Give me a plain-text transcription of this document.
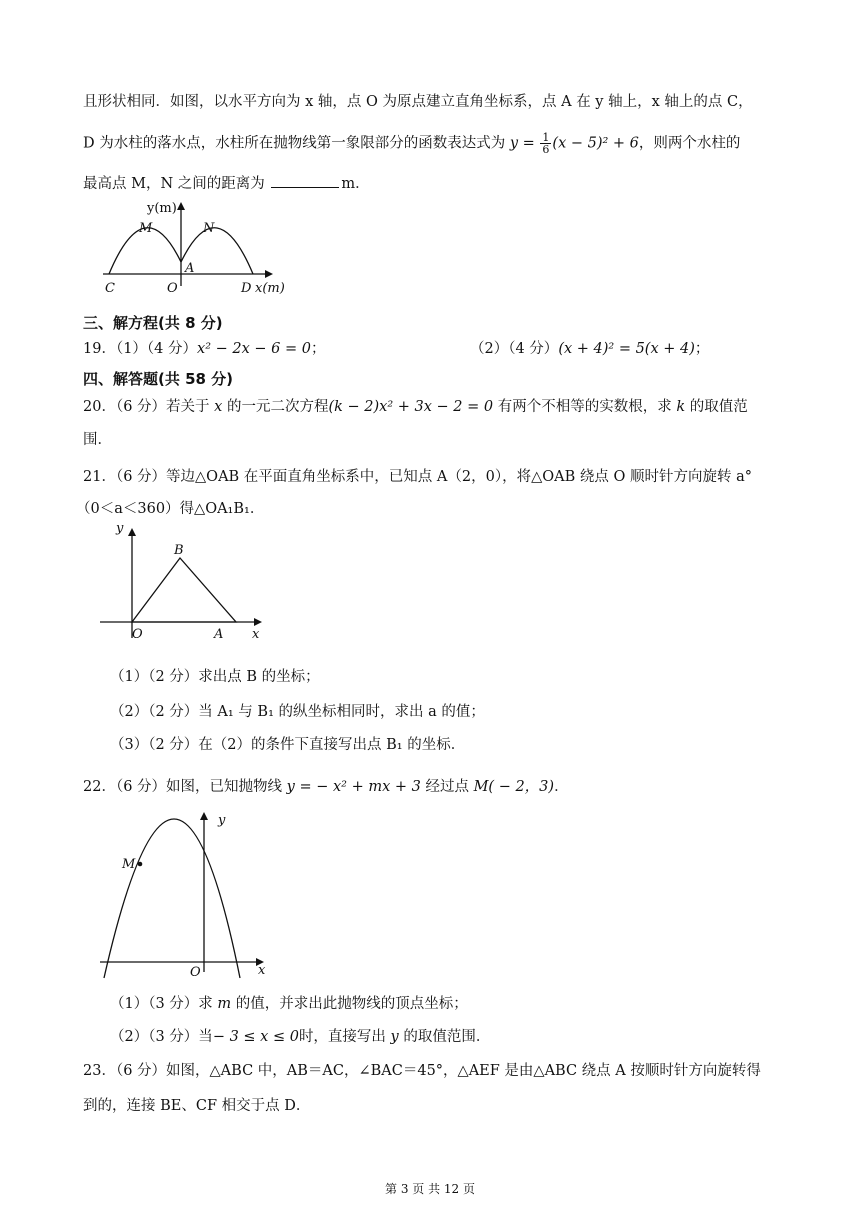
且形状相同．如图，以水平方向为 x 轴，点 O 为原点建立直角坐标系，点 A 在 y 轴上，x 轴上的点 C，
D 为水柱的落水点，水柱所在抛物线第一象限部分的函数表达式为 $y = \frac{1}{6} (x - 5)^2 + 6$，则两个水柱的
最高点 M，N 之间的距离为	m．
y(m)
M	N
A
C	O	D x(m)
三、解方程(共 8 分)
19．（1）（4 分）x² − 2x − 6 = 0；	（2）（4 分）(x + 4)² = 5(x + 4)；
四、解答题(共 58 分)
20．（6 分）若关于 x 的一元二次方程(k − 2)x² + 3x − 2 = 0 有两个不相等的实数根，求 k 的取值范
围．
21．（6 分）等边△OAB 在平面直角坐标系中，已知点 A（2，0），将△OAB 绕点 O 顺时针方向旋转 a°
（0＜a＜360）得△OA₁B₁．
y
B
O	A x
（1）（2 分）求出点 B 的坐标；
（2）（2 分）当 A₁ 与 B₁ 的纵坐标相同时，求出 a 的值；
（3）（2 分）在（2）的条件下直接写出点 B₁ 的坐标．
22．（6 分）如图，已知抛物线 y = − x² + mx + 3 经过点 M( − 2，3)．
y
M
O	x
（1）（3 分）求 m 的值，并求出此抛物线的顶点坐标；
（2）（3 分）当− 3 ≤ x ≤ 0时，直接写出 y 的取值范围．
23．（6 分）如图，△ABC 中，AB＝AC，∠BAC＝45°，△AEF 是由△ABC 绕点 A 按顺时针方向旋转得
到的，连接 BE、CF 相交于点 D．
第 3 页 共 12 页
